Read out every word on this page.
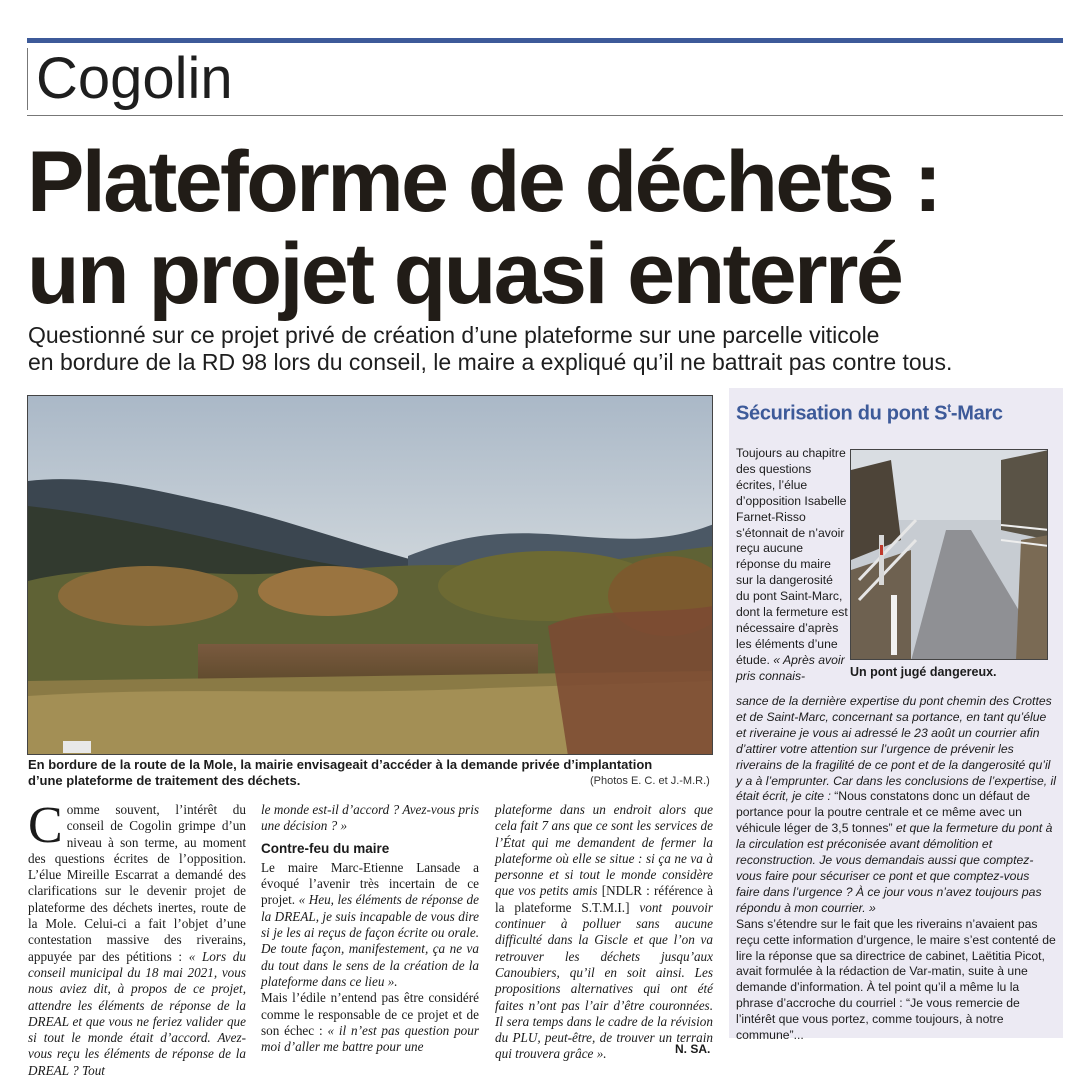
Cogolin
Plateforme de déchets :
un projet quasi enterré
Questionné sur ce projet privé de création d’une plateforme sur une parcelle viticole
en bordure de la RD 98 lors du conseil, le maire a expliqué qu’il ne battrait pas contre tous.
En bordure de la route de la Mole, la mairie envisageait d’accéder à la demande privée d’implantation
d’une plateforme de traitement des déchets.	(Photos E. C. et J.-M.R.)

Comme souvent, l’intérêt du conseil de Cogolin grimpe d’un niveau à son terme, au moment des questions écrites de l’opposition. L’élue Mireille Escarrat a demandé des clarifications sur le devenir projet de plateforme des déchets inertes, route de la Mole. Celui-ci a fait l’objet d’une contestation massive des riverains, appuyée par des pétitions : « Lors du conseil municipal du 18 mai 2021, vous nous aviez dit, à propos de ce projet, attendre les éléments de réponse de la DREAL et que vous ne feriez valider que si tout le monde était d’accord. Avez-vous reçu les éléments de réponse de la DREAL ? Tout

le monde est-il d’accord ? Avez-vous pris une décision ? »

Contre-feu du maire

Le maire Marc-Etienne Lansade a évoqué l’avenir très incertain de ce projet. « Heu, les éléments de réponse de la DREAL, je suis incapable de vous dire si je les ai reçus de façon écrite ou orale. De toute façon, manifestement, ça ne va du tout dans le sens de la création de la plateforme dans ce lieu ».

Mais l’édile n’entend pas être considéré comme le responsable de ce projet et de son échec : « il n’est pas question pour moi d’aller me battre pour une

plateforme dans un endroit alors que cela fait 7 ans que ce sont les services de l’État qui me demandent de fermer la plateforme où elle se situe : si ça ne va à personne et si tout le monde considère que vos petits amis [NDLR : référence à la plateforme S.T.M.I.] vont pouvoir continuer à polluer sans aucune difficulté dans la Giscle et que l’on va retrouver les déchets jusqu’aux Canoubiers, qu’il en soit ainsi. Les propositions alternatives qui ont été faites n’ont pas l’air d’être couronnées. Il sera temps dans le cadre de la révision du PLU, peut-être, de trouver un terrain qui trouvera grâce ».	N. SA.
Sécurisation du pont $S^t$-Marc
Un pont jugé dangereux.
Toujours au chapitre des questions écrites, l’élue d’opposition Isabelle Farnet-Risso s’étonnait de n’avoir reçu aucune réponse du maire sur la dangerosité du pont Saint-Marc, dont la fermeture est nécessaire d’après les éléments d’une étude. « Après avoir pris connais-
sance de la dernière expertise du pont chemin des Crottes et de Saint-Marc, concernant sa portance, en tant qu’élue et riveraine je vous ai adressé le 23 août un courrier afin d’attirer votre attention sur l’urgence de prévenir les riverains de la fragilité de ce pont et de la dangerosité qu’il y a à l’emprunter. Car dans les conclusions de l’expertise, il était écrit, je cite : “Nous constatons donc un défaut de portance pour la poutre centrale et ce même avec un véhicule léger de 3,5 tonnes” et que la fermeture du pont à la circulation est préconisée avant démolition et reconstruction. Je vous demandais aussi que comptez-vous faire pour sécuriser ce pont et que comptez-vous faire dans l’urgence ? À ce jour vous n’avez toujours pas répondu à mon courrier. »
Sans s’étendre sur le fait que les riverains n’avaient pas reçu cette information d’urgence, le maire s’est contenté de lire la réponse que sa directrice de cabinet, Laëtitia Picot, avait formulée à la rédaction de Var-matin, suite à une demande d’information. À tel point qu’il a même lu la phrase d’accroche du courriel : “Je vous remercie de l’intérêt que vous portez, comme toujours, à notre commune”...
